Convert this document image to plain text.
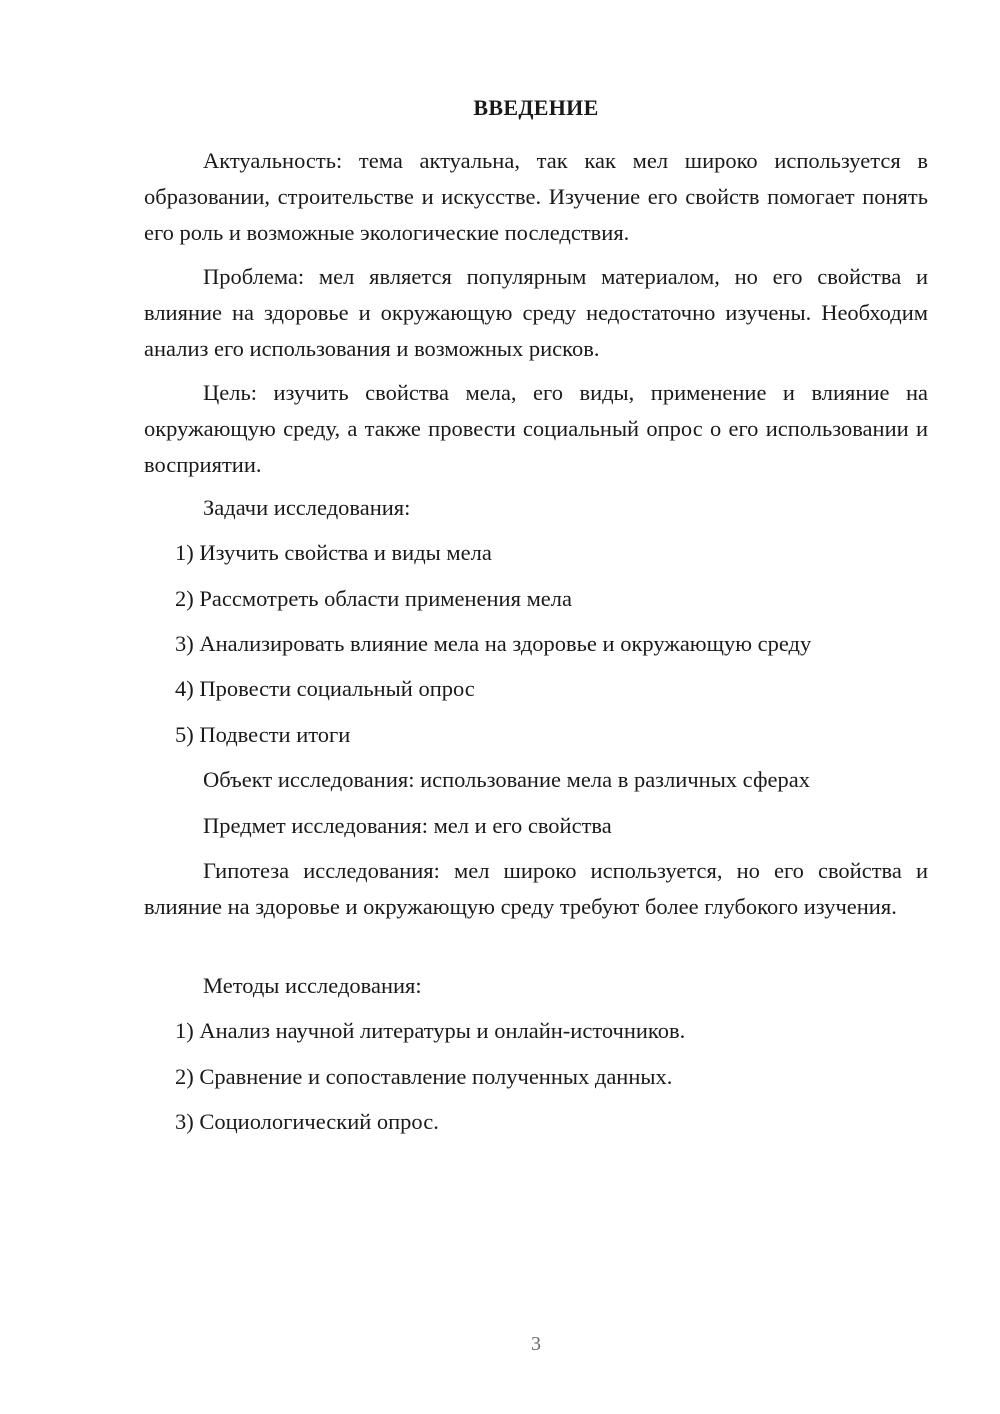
ВВЕДЕНИЕ
Актуальность: тема актуальна, так как мел широко используется в образовании, строительстве и искусстве. Изучение его свойств помогает понять его роль и возможные экологические последствия.
Проблема: мел является популярным материалом, но его свойства и влияние на здоровье и окружающую среду недостаточно изучены. Необходим анализ его использования и возможных рисков.
Цель: изучить свойства мела, его виды, применение и влияние на окружающую среду, а также провести социальный опрос о его использовании и восприятии.
Задачи исследования:
1) Изучить свойства и виды мела
2) Рассмотреть области применения мела
3) Анализировать влияние мела на здоровье и окружающую среду
4) Провести социальный опрос
5) Подвести итоги
Объект исследования: использование мела в различных сферах
Предмет исследования: мел и его свойства
Гипотеза исследования: мел широко используется, но его свойства и влияние на здоровье и окружающую среду требуют более глубокого изучения.
Методы исследования:
1) Анализ научной литературы и онлайн-источников.
2) Сравнение и сопоставление полученных данных.
3) Социологический опрос.
3
